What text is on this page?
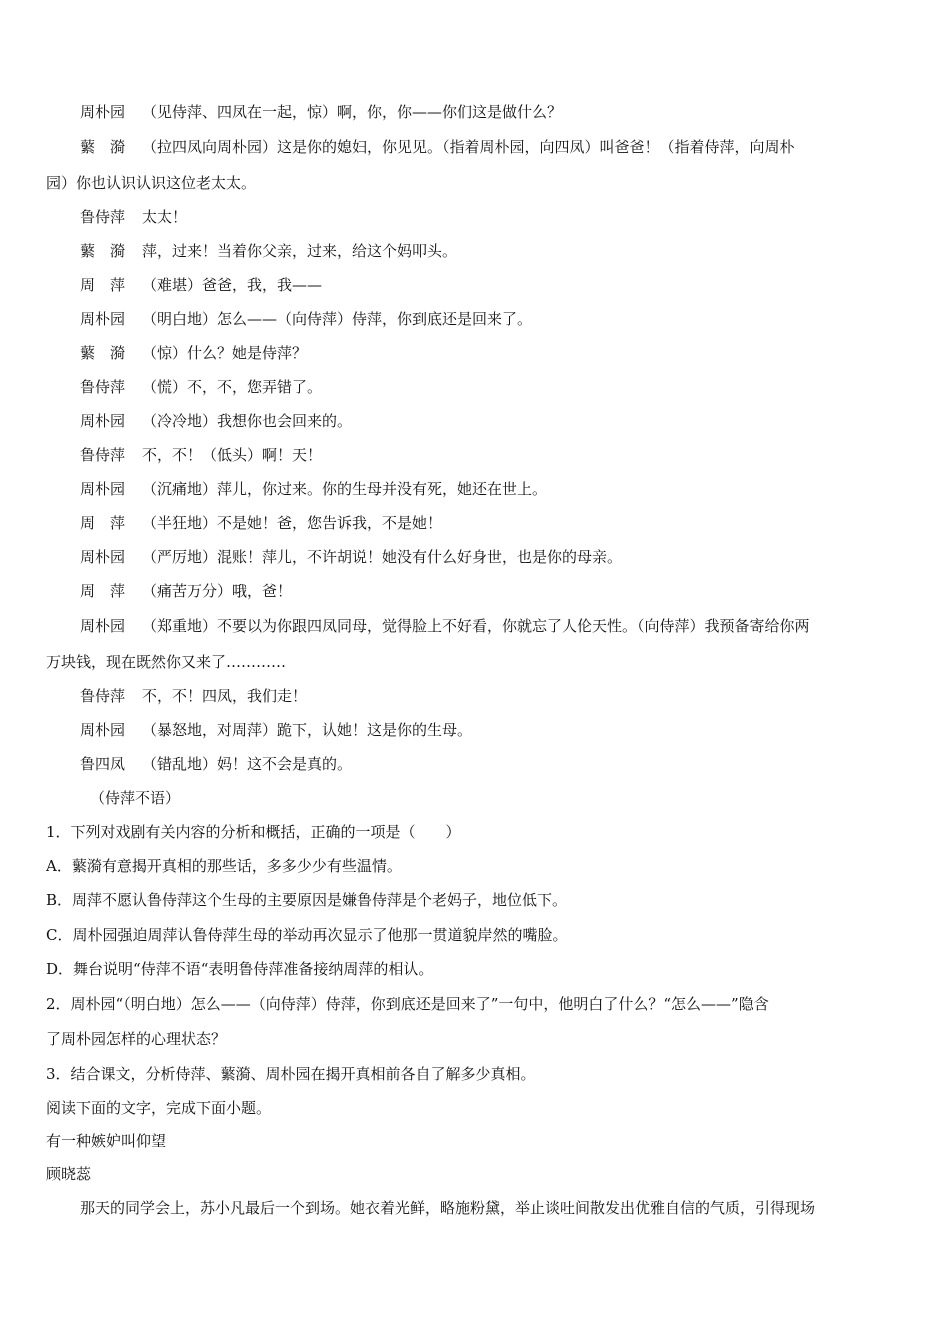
周朴园 （见侍萍、四凤在一起，惊）啊，你，你——你们这是做什么？
蘩　漪 （拉四凤向周朴园）这是你的媳妇，你见见。（指着周朴园，向四凤）叫爸爸！（指着侍萍，向周朴
园）你也认识认识这位老太太。
鲁侍萍 太太！
蘩　漪 萍，过来！当着你父亲，过来，给这个妈叩头。
周　萍 （难堪）爸爸，我，我——
周朴园 （明白地）怎么——（向侍萍）侍萍，你到底还是回来了。
蘩　漪 （惊）什么？她是侍萍？
鲁侍萍 （慌）不，不，您弄错了。
周朴园 （冷冷地）我想你也会回来的。
鲁侍萍 不，不！（低头）啊！天！
周朴园 （沉痛地）萍儿，你过来。你的生母并没有死，她还在世上。
周　萍 （半狂地）不是她！爸，您告诉我，不是她！
周朴园 （严厉地）混账！萍儿，不许胡说！她没有什么好身世，也是你的母亲。
周　萍 （痛苦万分）哦，爸！
周朴园 （郑重地）不要以为你跟四凤同母，觉得脸上不好看，你就忘了人伦天性。（向侍萍）我预备寄给你两
万块钱，现在既然你又来了…………
鲁侍萍 不，不！四凤，我们走！
周朴园 （暴怒地，对周萍）跪下，认她！这是你的生母。
鲁四凤 （错乱地）妈！这不会是真的。
（侍萍不语）
1．下列对戏剧有关内容的分析和概括，正确的一项是（　　）
A．蘩漪有意揭开真相的那些话，多多少少有些温情。
B．周萍不愿认鲁侍萍这个生母的主要原因是嫌鲁侍萍是个老妈子，地位低下。
C．周朴园强迫周萍认鲁侍萍生母的举动再次显示了他那一贯道貌岸然的嘴脸。
D．舞台说明“侍萍不语“表明鲁侍萍准备接纳周萍的相认。
2．周朴园“（明白地）怎么——（向侍萍）侍萍，你到底还是回来了”一句中，他明白了什么？“怎么——”隐含
了周朴园怎样的心理状态？
3．结合课文，分析侍萍、蘩漪、周朴园在揭开真相前各自了解多少真相。
阅读下面的文字，完成下面小题。
有一种嫉妒叫仰望
顾晓蕊
那天的同学会上，苏小凡最后一个到场。她衣着光鲜，略施粉黛，举止谈吐间散发出优雅自信的气质，引得现场
